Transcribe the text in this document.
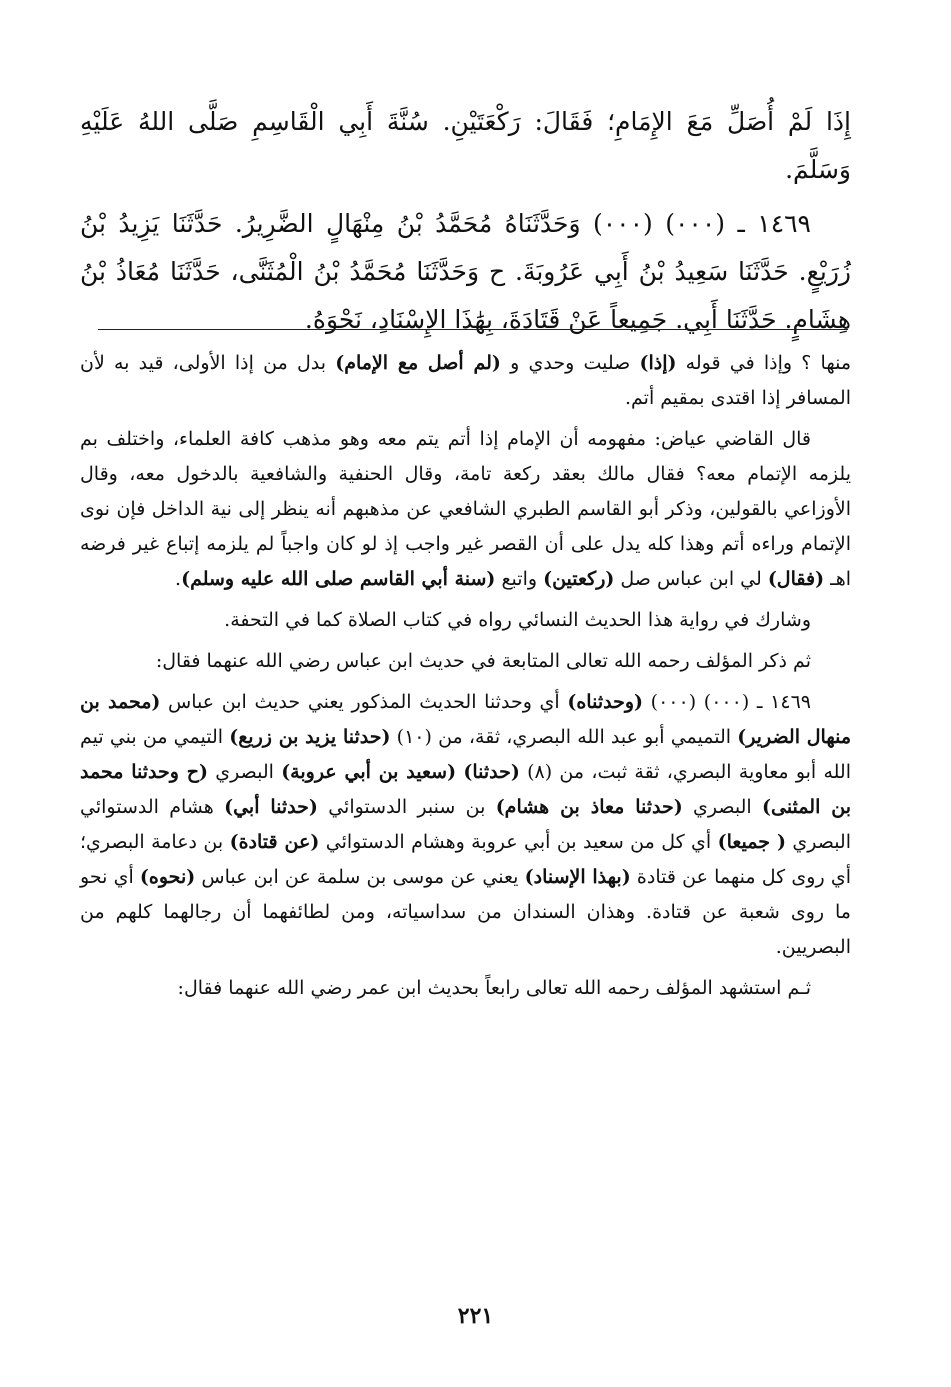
إِذَا لَمْ أُصَلِّ مَعَ الإِمَامِ؛ فَقَالَ: رَكْعَتَيْنِ. سُنَّةَ أَبِي الْقَاسِمِ صَلَّى اللهُ عَلَيْهِ وَسَلَّمَ.

١٤٦٩ ـ (٠٠٠) (٠٠٠) وَحَدَّثَنَاهُ مُحَمَّدُ بْنُ مِنْهَالٍ الضَّرِيرُ. حَدَّثَنَا يَزِيدُ بْنُ زُرَيْعٍ. حَدَّثَنَا سَعِيدُ بْنُ أَبِي عَرُوبَةَ. ح وَحَدَّثَنَا مُحَمَّدُ بْنُ الْمُثَنَّى، حَدَّثَنَا مُعَاذُ بْنُ هِشَامٍ. حَدَّثَنَا أَبِي. جَمِيعاً عَنْ قَتَادَةَ، بِهَٰذَا الإِسْنَادِ، نَحْوَهُ.

منها ؟ وإذا في قوله (إذا) صليت وحدي و (لم أصل مع الإمام) بدل من إذا الأولى، قيد به لأن المسافر إذا اقتدى بمقيم أتم.

قال القاضي عياض: مفهومه أن الإمام إذا أتم يتم معه وهو مذهب كافة العلماء، واختلف بم يلزمه الإتمام معه؟ فقال مالك بعقد ركعة تامة، وقال الحنفية والشافعية بالدخول معه، وقال الأوزاعي بالقولين، وذكر أبو القاسم الطبري الشافعي عن مذهبهم أنه ينظر إلى نية الداخل فإن نوى الإتمام وراءه أتم وهذا كله يدل على أن القصر غير واجب إذ لو كان واجباً لم يلزمه إتباع غير فرضه اهـ (فقال) لي ابن عباس صل (ركعتين) واتبع (سنة أبي القاسم صلى الله عليه وسلم).

وشارك في رواية هذا الحديث النسائي رواه في كتاب الصلاة كما في التحفة.

ثم ذكر المؤلف رحمه الله تعالى المتابعة في حديث ابن عباس رضي الله عنهما فقال:

١٤٦٩ ـ (٠٠٠) (٠٠٠) (وحدثناه) أي وحدثنا الحديث المذكور يعني حديث ابن عباس (محمد بن منهال الضرير) التميمي أبو عبد الله البصري، ثقة، من (١٠) (حدثنا يزيد بن زريع) التيمي من بني تيم الله أبو معاوية البصري، ثقة ثبت، من (٨) (حدثنا) (سعيد بن أبي عروبة) البصري (ح وحدثنا محمد بن المثنى) البصري (حدثنا معاذ بن هشام) بن سنبر الدستوائي (حدثنا أبي) هشام الدستوائي البصري ( جميعا) أي كل من سعيد بن أبي عروبة وهشام الدستوائي (عن قتادة) بن دعامة البصري؛ أي روى كل منهما عن قتادة (بهذا الإسناد) يعني عن موسى بن سلمة عن ابن عباس (نحوه) أي نحو ما روى شعبة عن قتادة. وهذان السندان من سداسياته، ومن لطائفهما أن رجالهما كلهم من البصريين.

ثـم استشهد المؤلف رحمه الله تعالى رابعاً بحديث ابن عمر رضي الله عنهما فقال:

٢٢١
